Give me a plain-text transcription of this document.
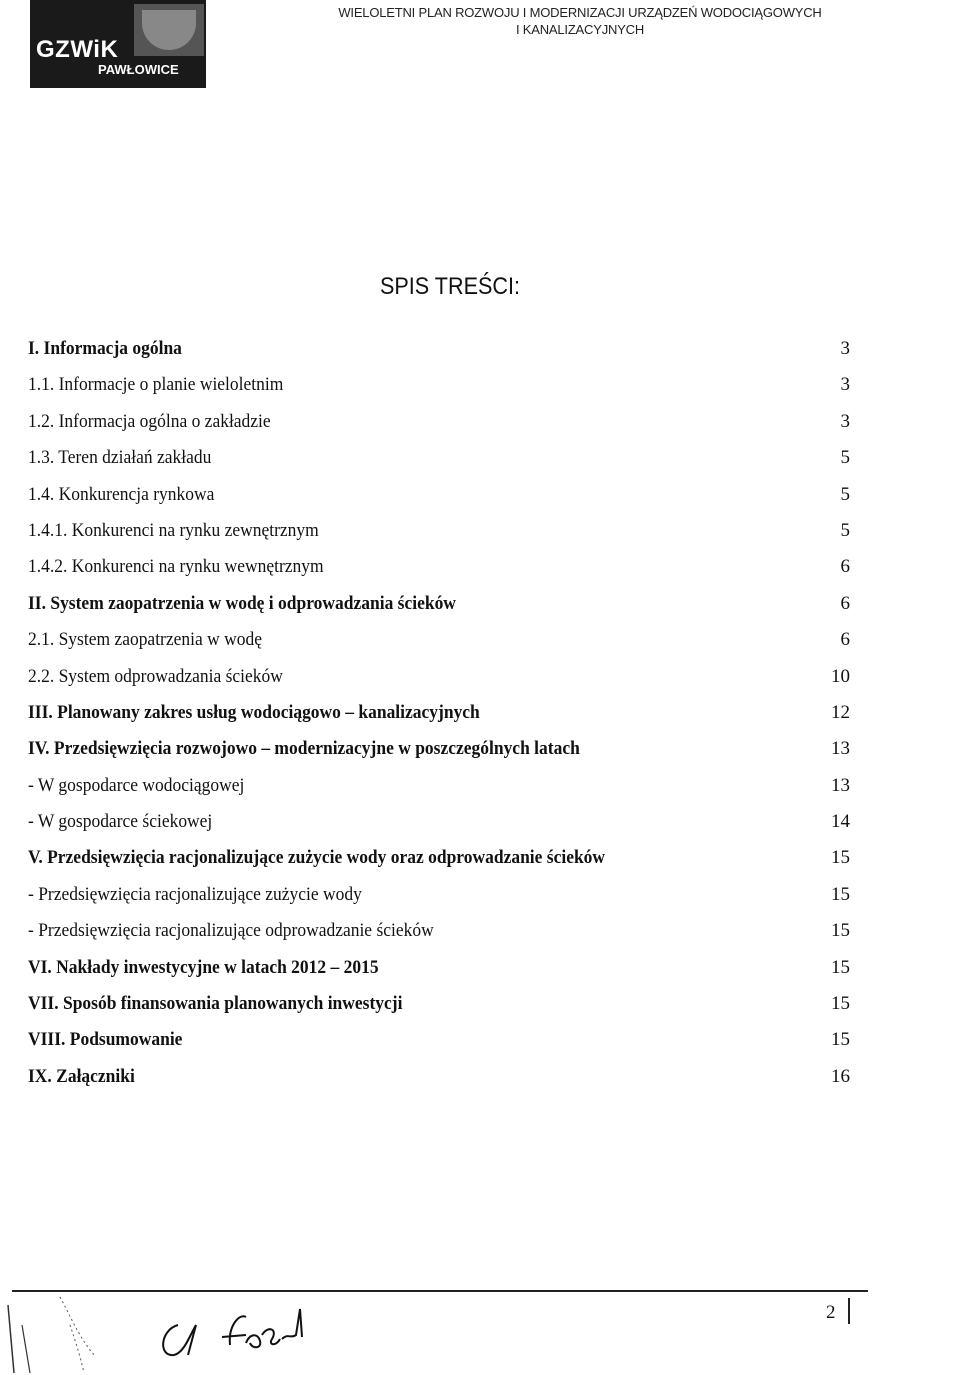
GZWiK
PAWŁOWICE
WIELOLETNI PLAN ROZWOJU I MODERNIZACJI URZĄDZEŃ WODOCIĄGOWYCH
I KANALIZACYJNYCH
SPIS TREŚCI:
I. Informacja ogólna	3
1.1. Informacje o planie wieloletnim	3
1.2. Informacja ogólna o zakładzie	3
1.3. Teren działań zakładu	5
1.4. Konkurencja rynkowa	5
1.4.1. Konkurenci na rynku zewnętrznym	5
1.4.2. Konkurenci na rynku wewnętrznym	6
II. System zaopatrzenia w wodę i odprowadzania ścieków	6
2.1. System zaopatrzenia w wodę	6
2.2. System odprowadzania ścieków	10
III. Planowany zakres usług wodociągowo – kanalizacyjnych	12
IV. Przedsięwzięcia rozwojowo – modernizacyjne w poszczególnych latach	13
- W gospodarce wodociągowej	13
- W gospodarce ściekowej	14
V. Przedsięwzięcia racjonalizujące zużycie wody oraz odprowadzanie ścieków	15
- Przedsięwzięcia racjonalizujące zużycie wody	15
- Przedsięwzięcia racjonalizujące odprowadzanie ścieków	15
VI. Nakłady inwestycyjne w latach 2012 – 2015	15
VII. Sposób finansowania planowanych inwestycji	15
VIII. Podsumowanie	15
IX. Załączniki	16
2
